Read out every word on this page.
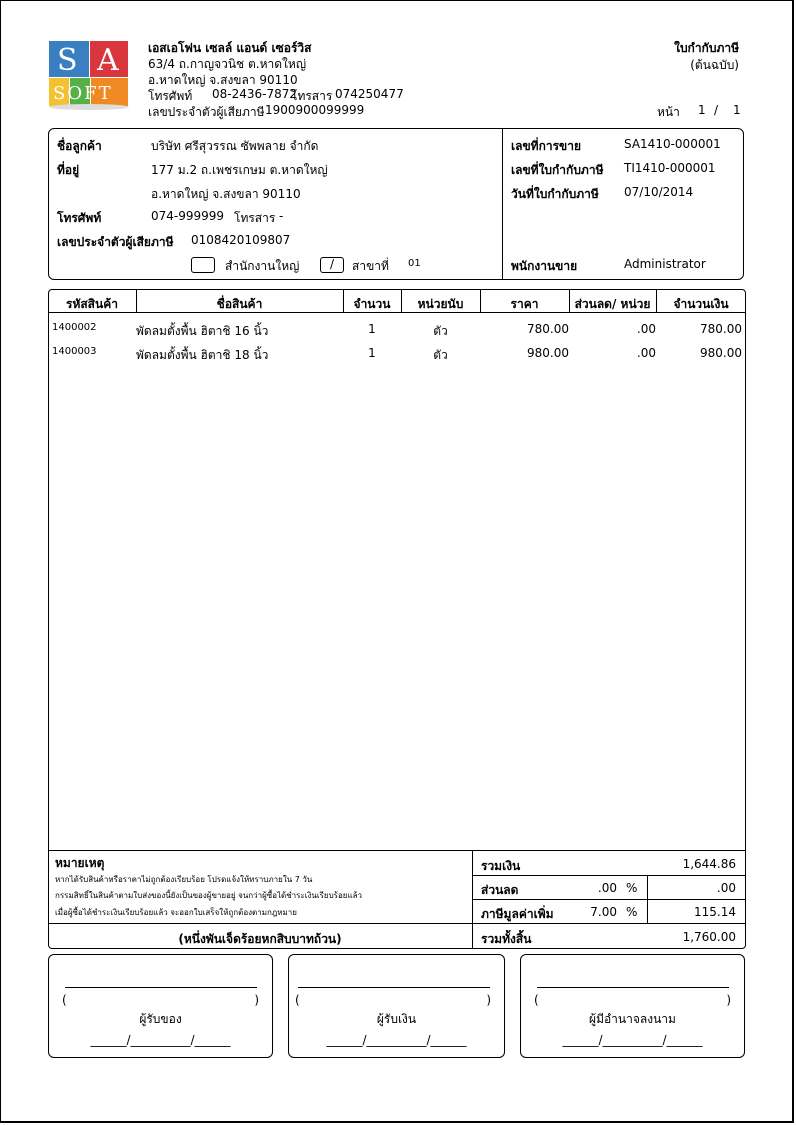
S A
SOFT
เอสเอโฟน เซลล์ แอนด์ เซอร์วิส
63/4 ถ.กาญจวนิช ต.หาดใหญ่
อ.หาดใหญ่ จ.สงขลา 90110
โทรศัพท์ 08-2436-7872
โทรสาร 074250477
เลขประจำตัวผู้เสียภาษี 1900900099999
ใบกำกับภาษี
(ต้นฉบับ)
หน้า 1 / 1
ชื่อลูกค้า	บริษัท ศรีสุวรรณ ซัพพลาย จำกัด
ที่อยู่	177 ม.2 ถ.เพชรเกษม ต.หาดใหญ่
อ.หาดใหญ่ จ.สงขลา 90110
โทรศัพท์	074-999999 โทรสาร -
เลขประจำตัวผู้เสียภาษี 0108420109807
สำนักงานใหญ่	/	สาขาที่ 01
เลขที่การขาย	SA1410-000001
เลขที่ใบกำกับภาษี TI1410-000001
วันที่ใบกำกับภาษี 07/10/2014
พนักงานขาย	Administrator
รหัสสินค้า	ชื่อสินค้า	จำนวน	หน่วยนับ	ราคา	ส่วนลด/ หน่วย	จำนวนเงิน
1400002	พัดลมตั้งพื้น ฮิตาชิ 16 นิ้ว	1	ตัว	780.00	.00	780.00
1400003	พัดลมตั้งพื้น ฮิตาชิ 18 นิ้ว	1	ตัว	980.00	.00	980.00
หมายเหตุ
หากได้รับสินค้าหรือราคาไม่ถูกต้องเรียบร้อย โปรดแจ้งให้ทราบภายใน 7 วัน
กรรมสิทธิ์ในสินค้าตามใบส่งของนี้ยังเป็นของผู้ขายอยู่ จนกว่าผู้ซื้อได้ชำระเงินเรียบร้อยแล้ว
เมื่อผู้ซื้อได้ชำระเงินเรียบร้อยแล้ว จะออกใบเสร็จให้ถูกต้องตามกฎหมาย
(หนึ่งพันเจ็ดร้อยหกสิบบาทถ้วน)
รวมเงิน	1,644.86
ส่วนลด	.00 %	.00
ภาษีมูลค่าเพิ่ม	7.00 %	115.14
รวมทั้งสิ้น	1,760.00
(	)
ผู้รับของ
______/__________/______
(	)
ผู้รับเงิน
______/__________/______
(	)
ผู้มีอำนาจลงนาม
______/__________/______
